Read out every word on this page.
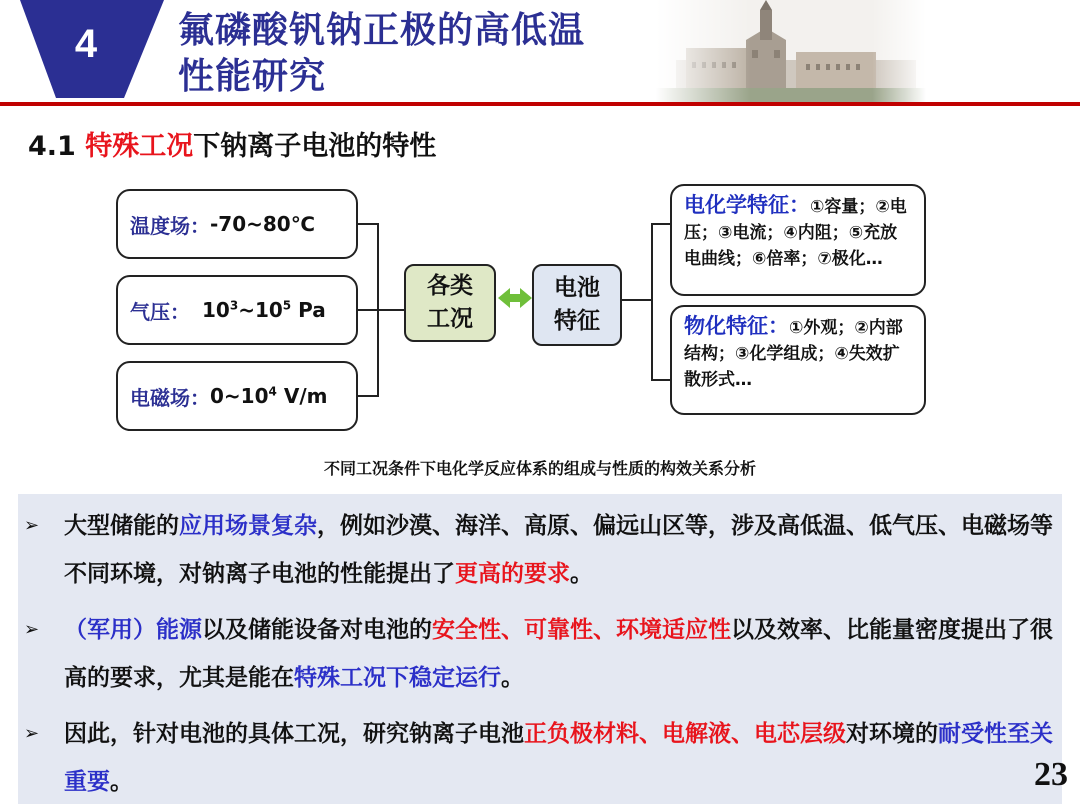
4	氟磷酸钒钠正极的高低温
性能研究
4.1 特殊工况下钠离子电池的特性
温度场： -70~80℃
气压： $10^3\sim 10^5$ Pa
电磁场： $0\sim 10^4$ V/m
各类
工况
电池
特征
电化学特征：①容量；②电压；③电流；④内阻；⑤充放电曲线；⑥倍率；⑦极化…
物化特征：①外观；②内部结构；③化学组成；④失效扩散形式…
不同工况条件下电化学反应体系的组成与性质的构效关系分析
➢ 大型储能的应用场景复杂，例如沙漠、海洋、高原、偏远山区等，涉及高低温、低气压、电磁场等不同环境，对钠离子电池的性能提出了更高的要求。
➢ （军用）能源以及储能设备对电池的安全性、可靠性、环境适应性以及效率、比能量密度提出了很高的要求，尤其是能在特殊工况下稳定运行。
➢ 因此，针对电池的具体工况，研究钠离子电池正负极材料、电解液、电芯层级对环境的耐受性至关重要。	23
